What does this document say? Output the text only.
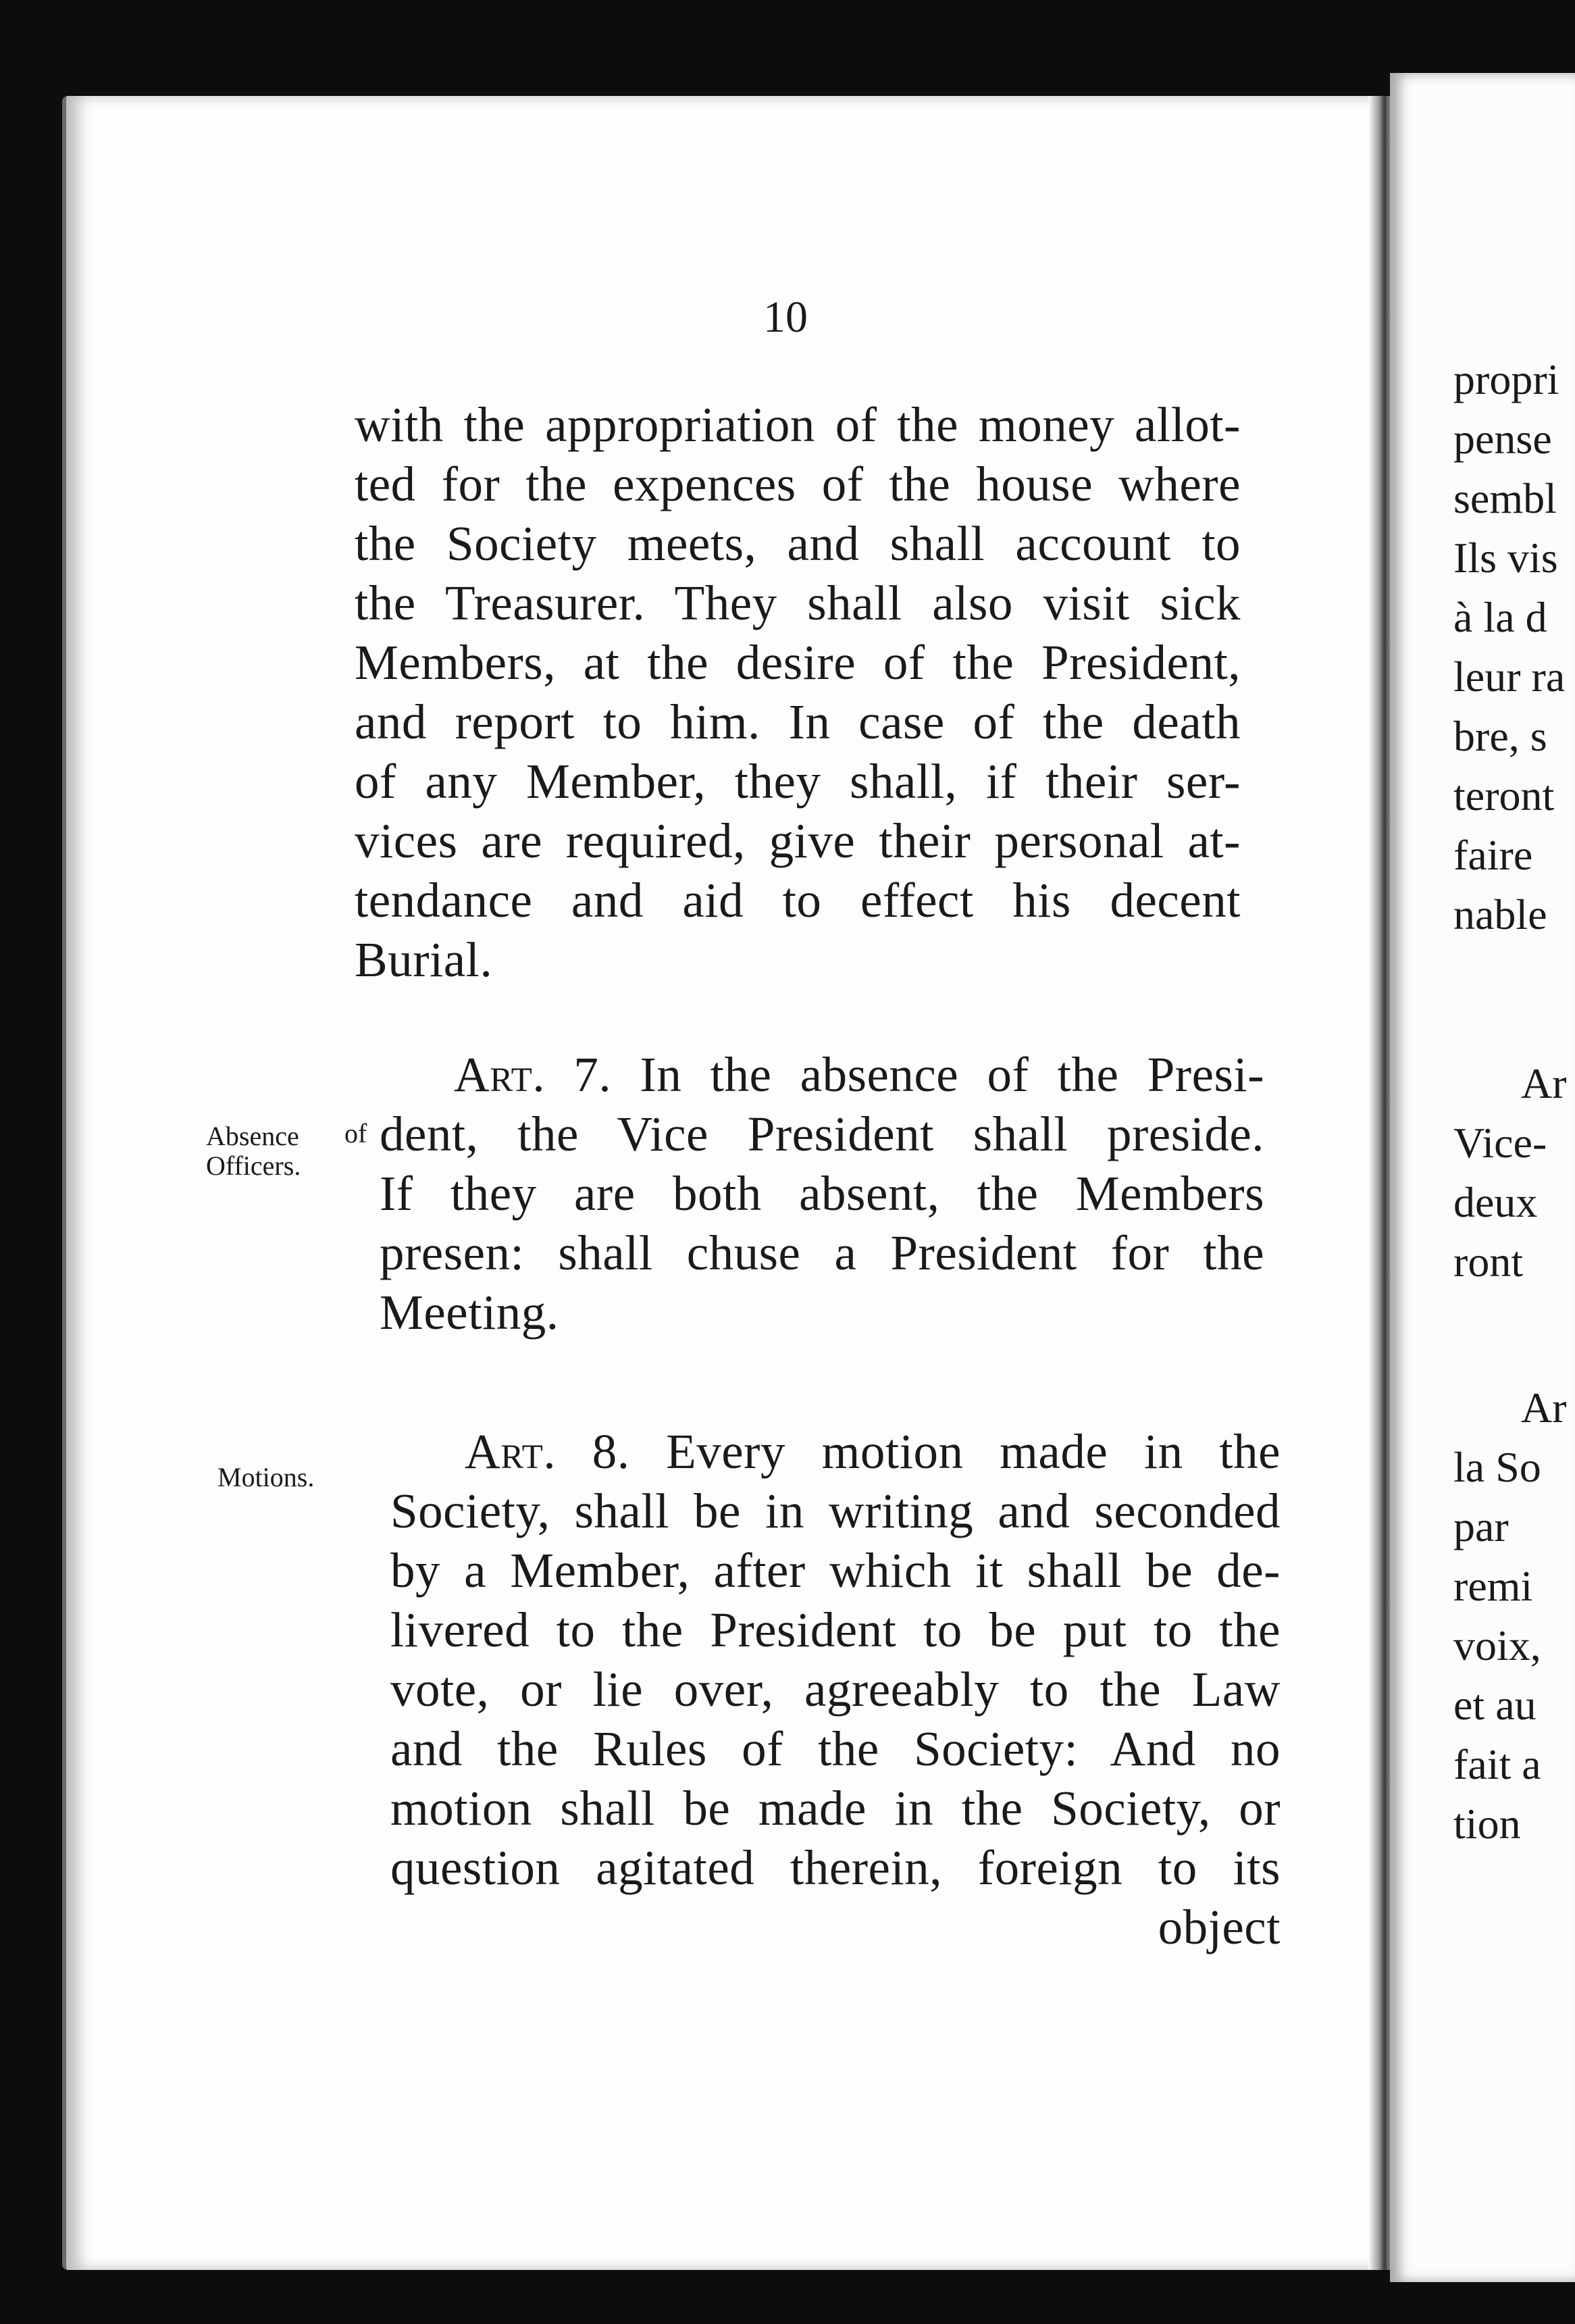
10
with the appropriation of the money allot-
ted for the expences of the house where
the Society meets, and shall account to
the Treasurer. They shall also visit sick
Members, at the desire of the President,
and report to him. In case of the death
of any Member, they shall, if their ser-
vices are required, give their personal at-
tendance and aid to effect his decent
Burial.
Absence
Officers.
of
Art. 7. In the absence of the Presi-
dent, the Vice President shall preside.
If they are both absent, the Members
presen: shall chuse a President for the
Meeting.
Motions.	Art. 8. Every motion made in the
Society, shall be in writing and seconded
by a Member, after which it shall be de-
livered to the President to be put to the
vote, or lie over, agreeably to the Law
and the Rules of the Society: And no
motion shall be made in the Society, or
question agitated therein, foreign to its
object
propri
pense
sembl
Ils vis
à la d
leur ra
bre, s
teront
faire
nable
Ar
Vice-
deux
ront
Ar
la So
par
remi
voix,
et au
fait a
tion
